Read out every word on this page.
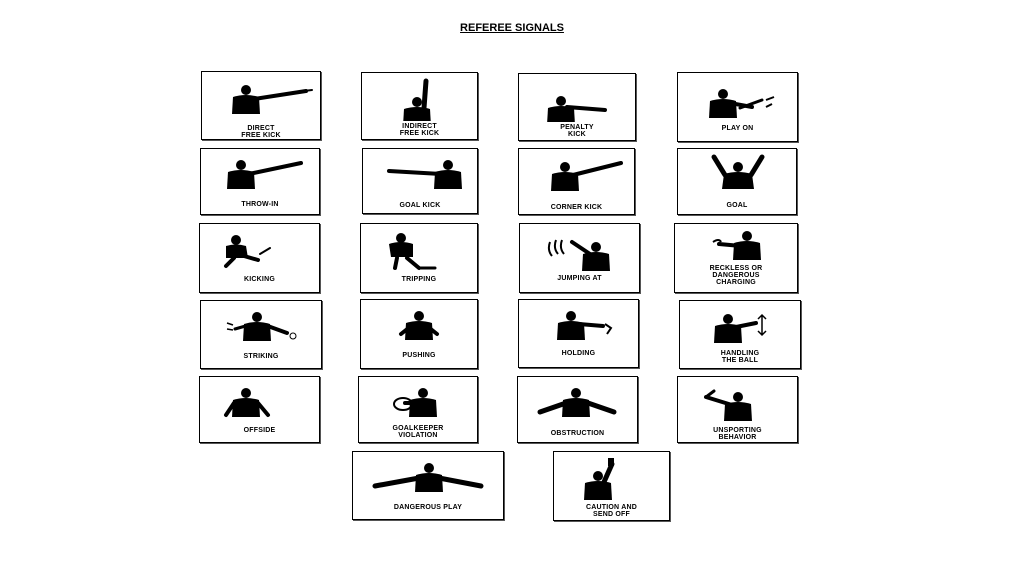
REFEREE SIGNALS
DIRECT
FREE KICK
INDIRECT
FREE KICK
PENALTY
KICK
PLAY ON
THROW-IN	GOAL KICK	CORNER KICK	GOAL
KICKING	TRIPPING	JUMPING AT
RECKLESS OR
DANGEROUS
CHARGING
STRIKING	PUSHING	HOLDING	HANDLING
THE BALL
OFFSIDE	GOALKEEPER
VIOLATION	OBSTRUCTION	UNSPORTING
BEHAVIOR
DANGEROUS PLAY	CAUTION AND
SEND OFF
